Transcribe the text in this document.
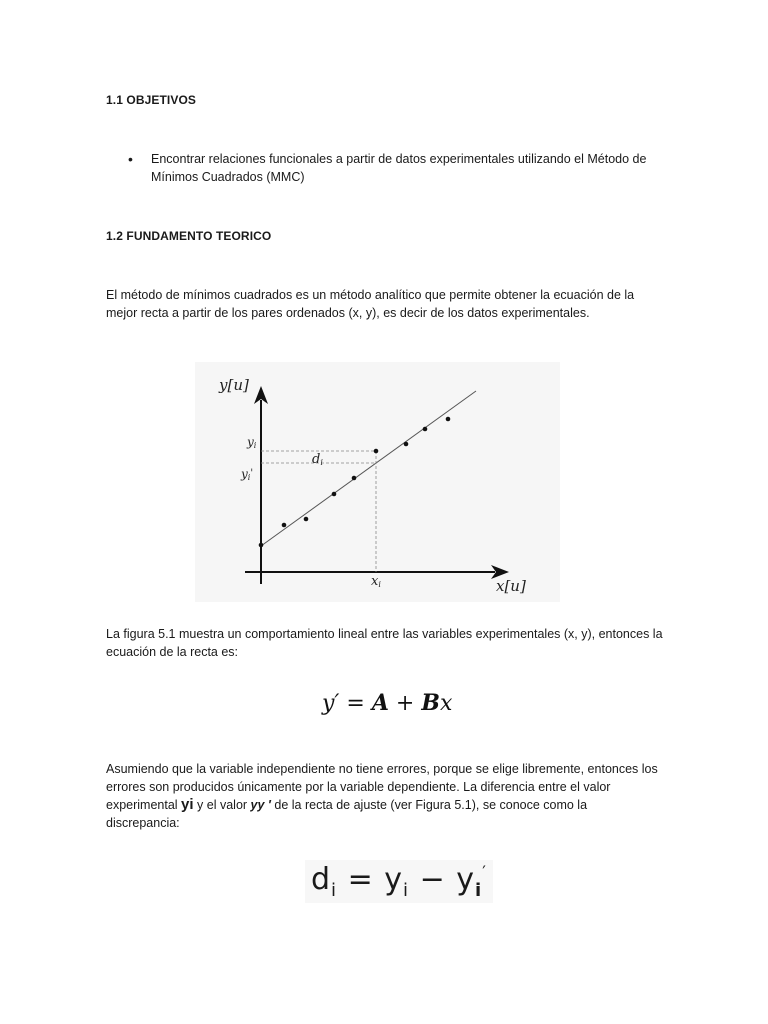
1.1 OBJETIVOS
• Encontrar relaciones funcionales a partir de datos experimentales utilizando el Método de Mínimos Cuadrados (MMC)
1.2 FUNDAMENTO TEORICO
El método de mínimos cuadrados es un método analítico que permite obtener la ecuación de la mejor recta a partir de los pares ordenados (x, y), es decir de los datos experimentales.
y[u]
x[u]
yi
yi'
di
xi
La figura 5.1 muestra un comportamiento lineal entre las variables experimentales (x, y), entonces la ecuación de la recta es:
y′ = A + Bx
Asumiendo que la variable independiente no tiene errores, porque se elige libremente, entonces los errores son producidos únicamente por la variable dependiente. La diferencia entre el valor experimental yi y el valor yy ′ de la recta de ajuste (ver Figura 5.1), se conoce como la discrepancia:
$d_i = y_i - y_i'$
